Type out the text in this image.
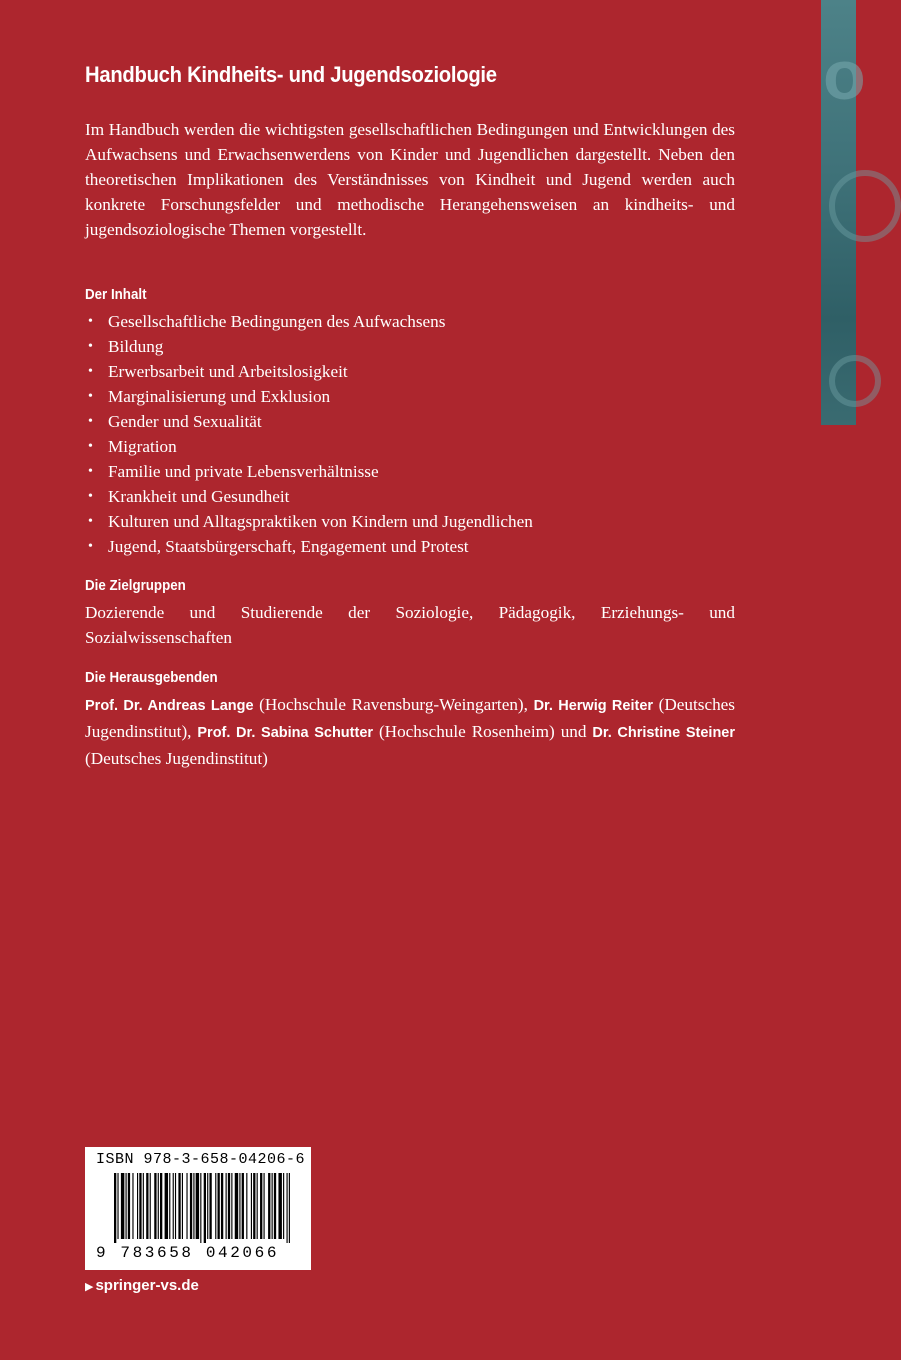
o
Handbuch Kindheits- und Jugendsoziologie

Im Handbuch werden die wichtigsten gesellschaftlichen Bedingungen und Entwicklungen des Aufwachsens und Erwachsenwerdens von Kinder und Jugendlichen dargestellt. Neben den theoretischen Implikationen des Verständnisses von Kindheit und Jugend werden auch konkrete Forschungsfelder und methodische Herangehensweisen an kindheits- und jugendsoziologische Themen vorgestellt.

Der Inhalt
• Gesellschaftliche Bedingungen des Aufwachsens
• Bildung
• Erwerbsarbeit und Arbeitslosigkeit
• Marginalisierung und Exklusion
• Gender und Sexualität
• Migration
• Familie und private Lebensverhältnisse
• Krankheit und Gesundheit
• Kulturen und Alltagspraktiken von Kindern und Jugendlichen
• Jugend, Staatsbürgerschaft, Engagement und Protest
Die Zielgruppen

Dozierende und Studierende der Soziologie, Pädagogik, Erziehungs- und Sozialwissenschaften

Die Herausgebenden

Prof. Dr. Andreas Lange (Hochschule Ravensburg-Weingarten), Dr. Herwig Reiter (Deutsches Jugendinstitut), Prof. Dr. Sabina Schutter (Hochschule Rosenheim) und Dr. Christine Steiner (Deutsches Jugendinstitut)

ISBN 978-3-658-04206-6
9 783658 042066
▶ springer-vs.de
